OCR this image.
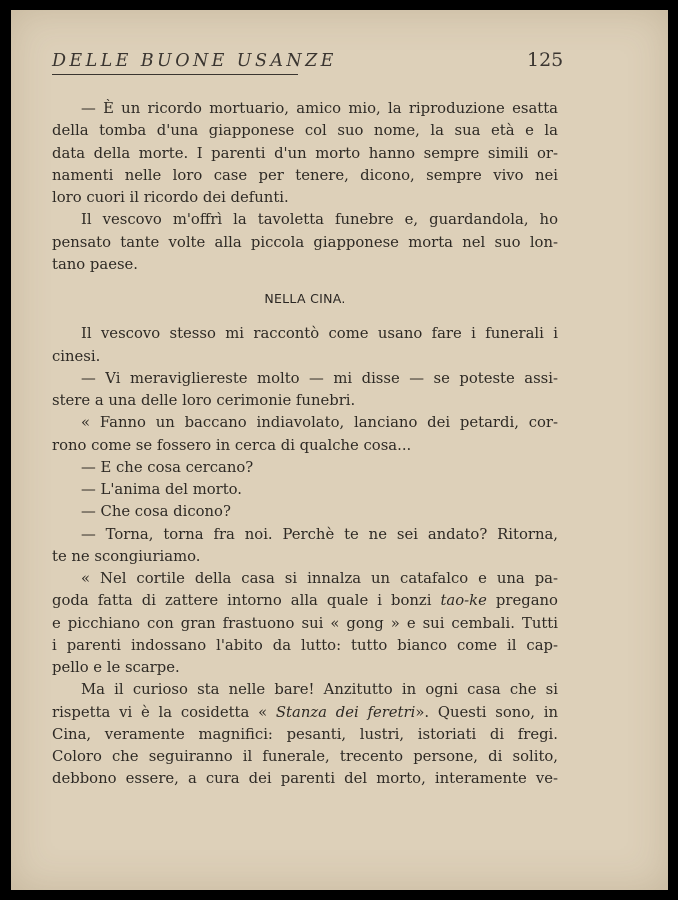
DELLE BUONE USANZE	125

— È un ricordo mortuario, amico mio, la riproduzione esatta
della tomba d'una giapponese col suo nome, la sua età e la
data della morte. I parenti d'un morto hanno sempre simili or-
namenti nelle loro case per tenere, dicono, sempre vivo nei
loro cuori il ricordo dei defunti.

Il vescovo m'offrì la tavoletta funebre e, guardandola, ho
pensato tante volte alla piccola giapponese morta nel suo lon-
tano paese.

NELLA CINA.

Il vescovo stesso mi raccontò come usano fare i funerali i
cinesi.

— Vi meravigliereste molto — mi disse — se poteste assi-
stere a una delle loro cerimonie funebri.

« Fanno un baccano indiavolato, lanciano dei petardi, cor-
rono come se fossero in cerca di qualche cosa...

— E che cosa cercano?

— L'anima del morto.

— Che cosa dicono?

— Torna, torna fra noi. Perchè te ne sei andato? Ritorna,
te ne scongiuriamo.

« Nel cortile della casa si innalza un catafalco e una pa-
goda fatta di zattere intorno alla quale i bonzi tao-ke pregano
e picchiano con gran frastuono sui « gong » e sui cembali. Tutti
i parenti indossano l'abito da lutto: tutto bianco come il cap-
pello e le scarpe.

Ma il curioso sta nelle bare! Anzitutto in ogni casa che si
rispetta vi è la cosidetta « Stanza dei feretri». Questi sono, in
Cina, veramente magnifici: pesanti, lustri, istoriati di fregi.
Coloro che seguiranno il funerale, trecento persone, di solito,
debbono essere, a cura dei parenti del morto, interamente ve-
